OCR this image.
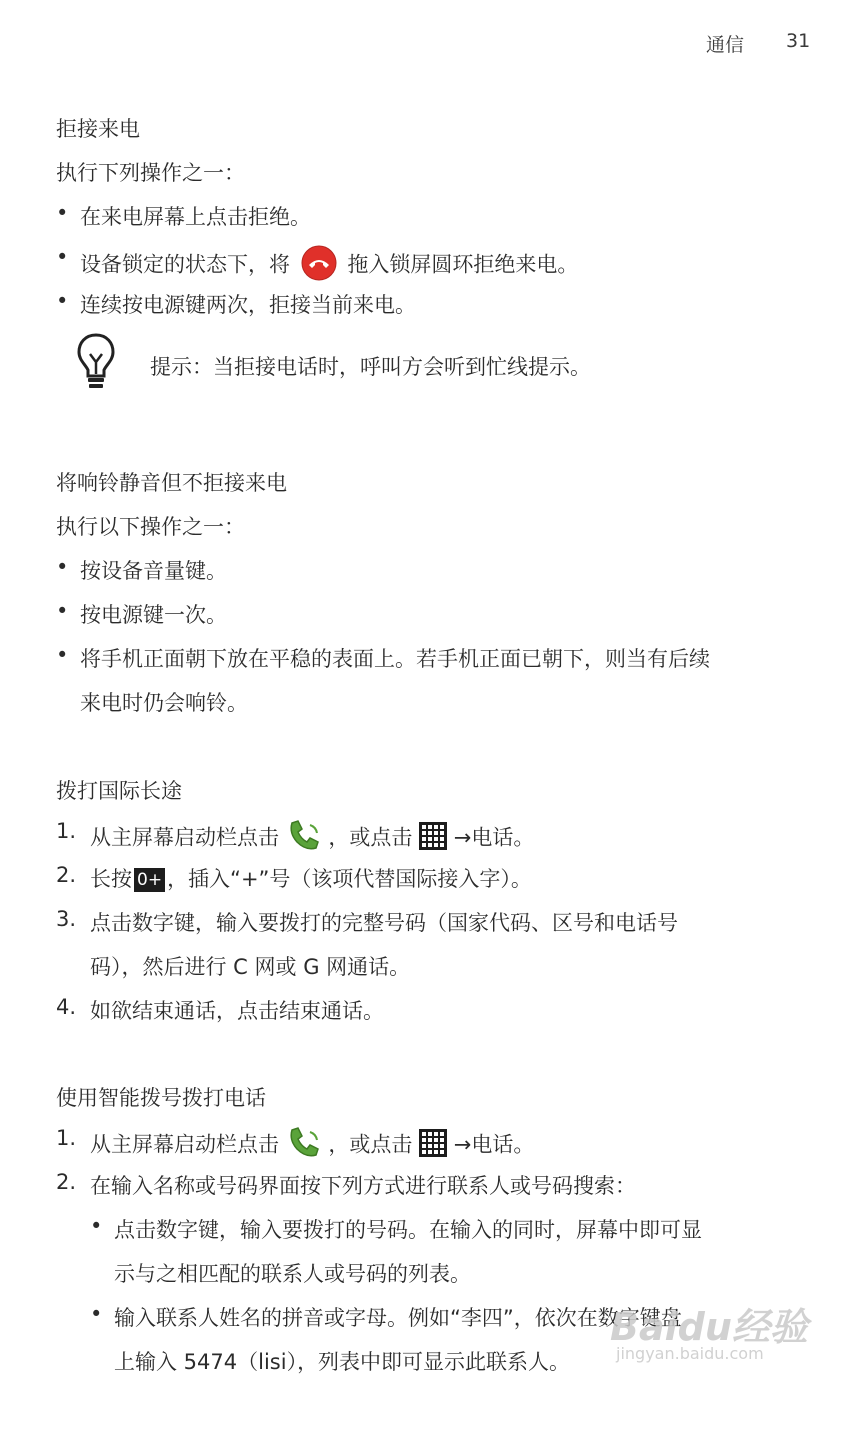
通信 31
拒接来电
执行下列操作之一：
• 在来电屏幕上点击拒绝。
• 设备锁定的状态下，将	拖入锁屏圆环拒绝来电。
• 连续按电源键两次，拒接当前来电。
提示：当拒接电话时，呼叫方会听到忙线提示。
将响铃静音但不拒接来电
执行以下操作之一：
• 按设备音量键。
• 按电源键一次。
• 将手机正面朝下放在平稳的表面上。若手机正面已朝下，则当有后续
来电时仍会响铃。
拨打国际长途
1. 从主屏幕启动栏点击 ，或点击 →电话。
2. 长按 0+ ，插入“+”号（该项代替国际接入字）。
3. 点击数字键，输入要拨打的完整号码（国家代码、区号和电话号
码），然后进行 C 网或 G 网通话。
4. 如欲结束通话，点击结束通话。
使用智能拨号拨打电话
1. 从主屏幕启动栏点击 ，或点击 →电话。
2. 在输入名称或号码界面按下列方式进行联系人或号码搜索：
• 点击数字键，输入要拨打的号码。在输入的同时，屏幕中即可显
示与之相匹配的联系人或号码的列表。
• 输入联系人姓名的拼音或字母。例如“李四”，依次在数字键盘
上输入 5474（lisi），列表中即可显示此联系人。
Baidu经验
jingyan.baidu.com
